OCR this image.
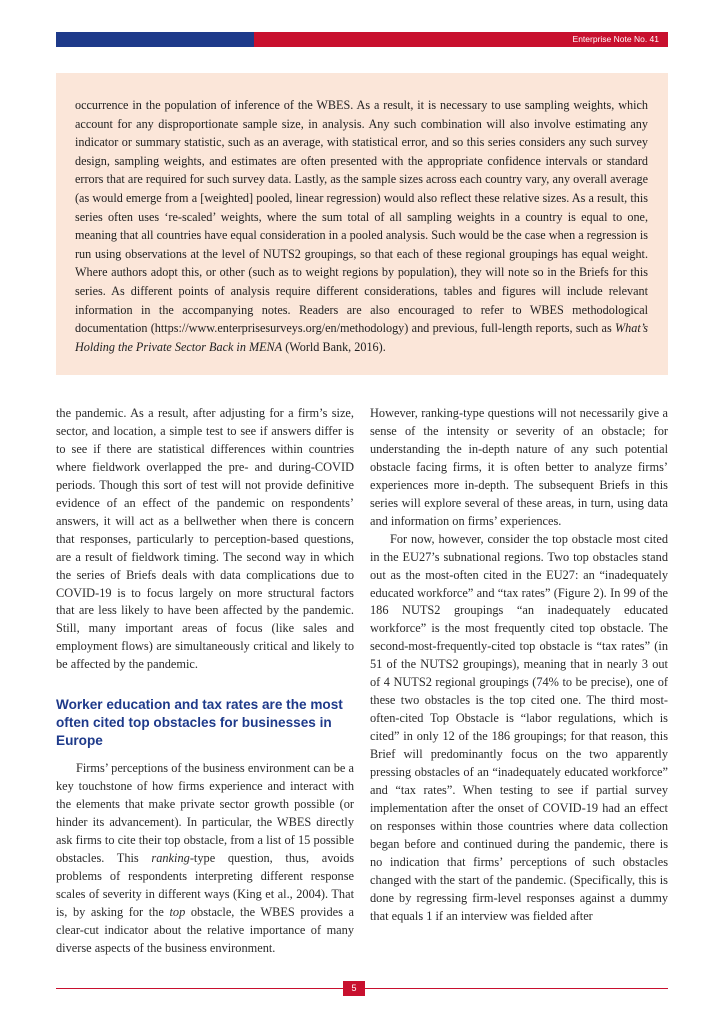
Enterprise Note No. 41

occurrence in the population of inference of the WBES. As a result, it is necessary to use sampling weights, which account for any disproportionate sample size, in analysis. Any such combination will also involve estimating any indicator or summary statistic, such as an average, with statistical error, and so this series considers any such survey design, sampling weights, and estimates are often presented with the appropriate confidence intervals or standard errors that are required for such survey data. Lastly, as the sample sizes across each country vary, any overall average (as would emerge from a [weighted] pooled, linear regression) would also reflect these relative sizes. As a result, this series often uses ‘re-scaled’ weights, where the sum total of all sampling weights in a country is equal to one, meaning that all countries have equal consideration in a pooled analysis. Such would be the case when a regression is run using observations at the level of NUTS2 groupings, so that each of these regional groupings has equal weight. Where authors adopt this, or other (such as to weight regions by population), they will note so in the Briefs for this series. As different points of analysis require different considerations, tables and figures will include relevant information in the accompanying notes. Readers are also encouraged to refer to WBES methodological documentation (https://www.enterprisesurveys.org/en/methodology) and previous, full-length reports, such as What’s Holding the Private Sector Back in MENA (World Bank, 2016).

the pandemic. As a result, after adjusting for a firm’s size, sector, and location, a simple test to see if answers differ is to see if there are statistical differences within countries where fieldwork overlapped the pre- and during-COVID periods. Though this sort of test will not provide definitive evidence of an effect of the pandemic on respondents’ answers, it will act as a bellwether when there is concern that responses, particularly to perception-based questions, are a result of fieldwork timing. The second way in which the series of Briefs deals with data complications due to COVID-19 is to focus largely on more structural factors that are less likely to have been affected by the pandemic. Still, many important areas of focus (like sales and employment flows) are simultaneously critical and likely to be affected by the pandemic.

Worker education and tax rates are the most often cited top obstacles for businesses in Europe

Firms’ perceptions of the business environment can be a key touchstone of how firms experience and interact with the elements that make private sector growth possible (or hinder its advancement). In particular, the WBES directly ask firms to cite their top obstacle, from a list of 15 possible obstacles. This ranking-type question, thus, avoids problems of respondents interpreting different response scales of severity in different ways (King et al., 2004). That is, by asking for the top obstacle, the WBES provides a clear-cut indicator about the relative importance of many diverse aspects of the business environment.

However, ranking-type questions will not necessarily give a sense of the intensity or severity of an obstacle; for understanding the in-depth nature of any such potential obstacle facing firms, it is often better to analyze firms’ experiences more in-depth. The subsequent Briefs in this series will explore several of these areas, in turn, using data and information on firms’ experiences.

For now, however, consider the top obstacle most cited in the EU27’s subnational regions. Two top obstacles stand out as the most-often cited in the EU27: an “inadequately educated workforce” and “tax rates” (Figure 2). In 99 of the 186 NUTS2 groupings “an inadequately educated workforce” is the most frequently cited top obstacle. The second-most-frequently-cited top obstacle is “tax rates” (in 51 of the NUTS2 groupings), meaning that in nearly 3 out of 4 NUTS2 regional groupings (74% to be precise), one of these two obstacles is the top cited one. The third most-often-cited Top Obstacle is “labor regulations, which is cited” in only 12 of the 186 groupings; for that reason, this Brief will predominantly focus on the two apparently pressing obstacles of an “inadequately educated workforce” and “tax rates”. When testing to see if partial survey implementation after the onset of COVID-19 had an effect on responses within those countries where data collection began before and continued during the pandemic, there is no indication that firms’ perceptions of such obstacles changed with the start of the pandemic. (Specifically, this is done by regressing firm-level responses against a dummy that equals 1 if an interview was fielded after

5
